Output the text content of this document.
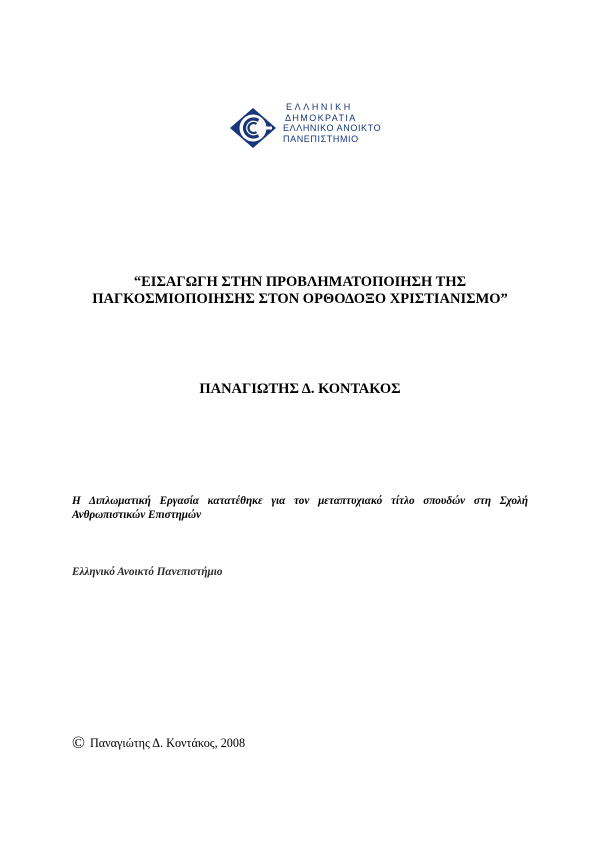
ΕΛΛΗΝΙΚΗ
ΔΗΜΟΚΡΑΤΙΑ
ΕΛΛΗΝΙΚΟ ΑΝΟΙΚΤΟ
ΠΑΝΕΠΙΣΤΗΜΙΟ
“ΕΙΣΑΓΩΓΗ ΣΤΗΝ ΠΡΟΒΛΗΜΑΤΟΠΟΙΗΣΗ ΤΗΣ
ΠΑΓΚΟΣΜΙΟΠΟΙΗΣΗΣ ΣΤΟΝ ΟΡΘΟΔΟΞΟ ΧΡΙΣΤΙΑΝΙΣΜΟ”
ΠΑΝΑΓΙΩΤΗΣ Δ. ΚΟΝΤΑΚΟΣ
Η Διπλωματική Εργασία κατατέθηκε για τον μεταπτυχιακό τίτλο σπουδών στη Σχολή
Ανθρωπιστικών Επιστημών
Ελληνικό Ανοικτό Πανεπιστήμιο
© Παναγιώτης Δ. Κοντάκος, 2008
